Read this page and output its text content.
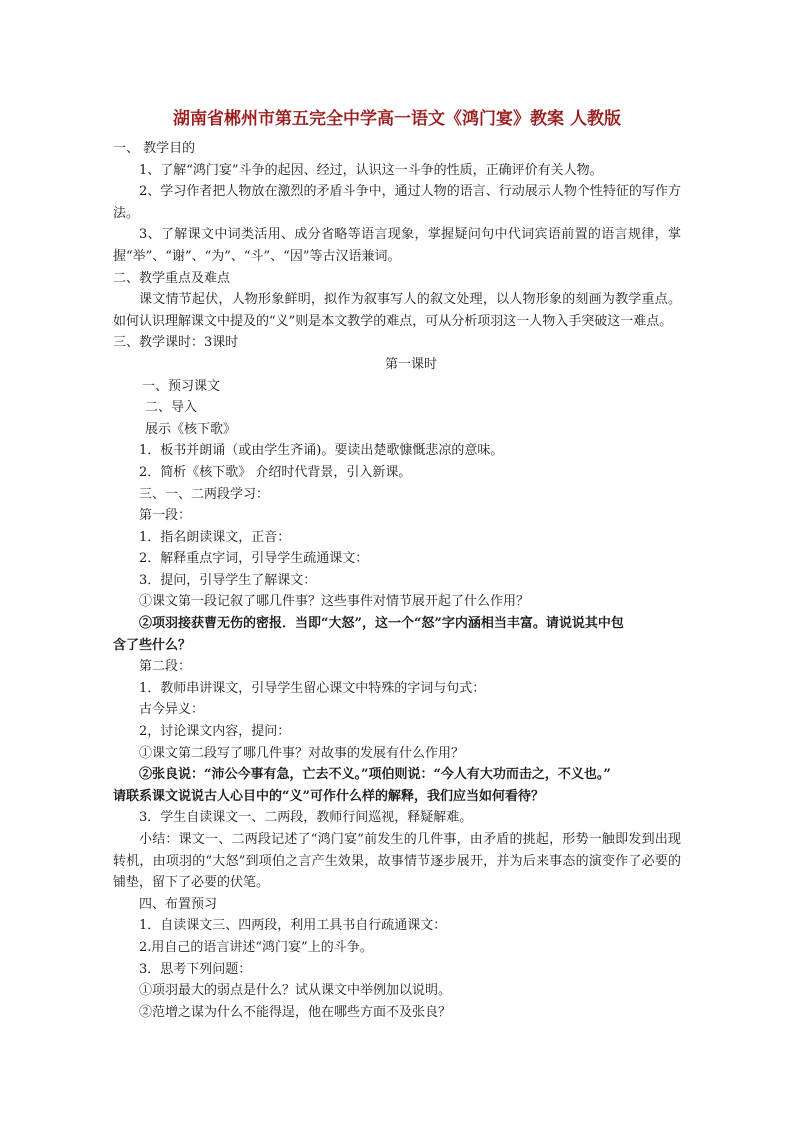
湖南省郴州市第五完全中学高一语文《鸿门宴》教案 人教版
一、 教学目的
1、了解“鸿门宴”斗争的起因、经过，认识这一斗争的性质，正确评价有关人物。
2、学习作者把人物放在激烈的矛盾斗争中，通过人物的语言、行动展示人物个性特征的写作方法。
3、了解课文中词类活用、成分省略等语言现象，掌握疑问句中代词宾语前置的语言规律，掌握“举”、“谢”、“为”、“斗”、“因”等古汉语兼词。
二、教学重点及难点
课文情节起伏，人物形象鲜明，拟作为叙事写人的叙文处理，以人物形象的刻画为教学重点。如何认识理解课文中提及的“义”则是本文教学的难点，可从分析项羽这一人物入手突破这一难点。
三、教学课时：3课时
第一课时
一、预习课文
二、导入
展示《核下歌》
1．板书并朗诵（或由学生齐诵)。要读出楚歌慷慨悲凉的意味。
2．简析《核下歌》 介绍时代背景，引入新课。
三、一、二两段学习：
第一段：
1．指名朗读课文，正音：
2．解释重点字词，引导学生疏通课文：
3．提问，引导学生了解课文：
①课文第一段记叙了哪几件事？这些事件对情节展开起了什么作用？
②项羽接获曹无伤的密报．当即“大怒”，这一个“怒”字内涵相当丰富。请说说其中包
含了些什么？
第二段：
1．教师串讲课文，引导学生留心课文中特殊的字词与句式：
古今异义：
2，讨论课文内容，提问：
①课文第二段写了哪几件事？对故事的发展有什么作用？
②张良说：“沛公今事有急，亡去不义。”项伯则说：“今人有大功而击之，不义也。”
请联系课文说说古人心目中的“义”可作什么样的解释，我们应当如何看待？
3．学生自读课文一、二两段，教师行间巡视，释疑解难。
小结：课文一、二两段记述了“鸿门宴”前发生的几件事，由矛盾的挑起，形势一触即发到出现转机，由项羽的“大怒”到项伯之言产生效果，故事情节逐步展开，并为后来事态的演变作了必要的铺垫，留下了必要的伏笔。
四、布置预习
1．自读课文三、四两段，利用工具书自行疏通课文：
2.用自己的语言讲述“鸿门宴”上的斗争。
3．思考下列问题：
①项羽最大的弱点是什么？试从课文中举例加以说明。
②范增之谋为什么不能得逞，他在哪些方面不及张良？
